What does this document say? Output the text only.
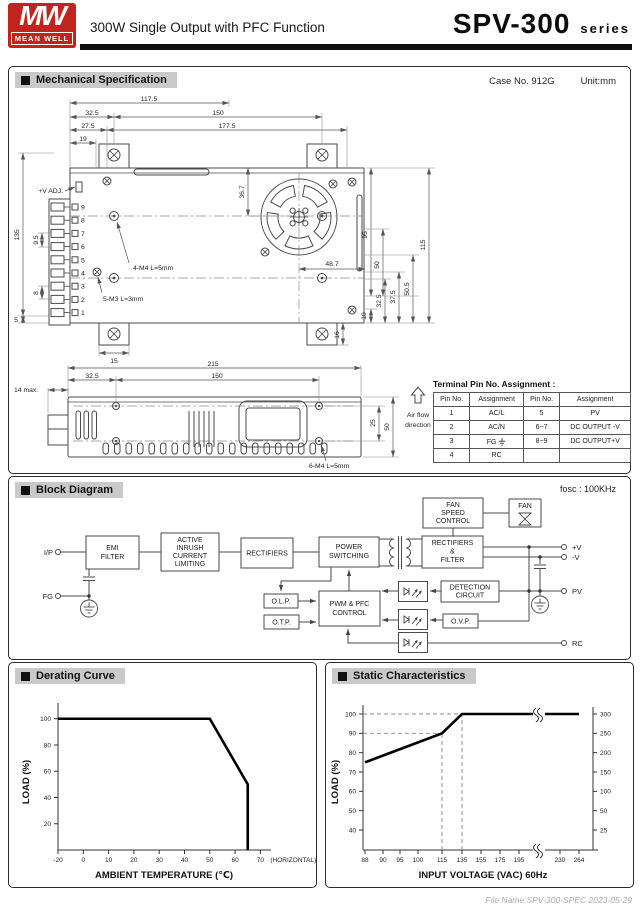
MW
MEAN WELL
300W Single Output with PFC Function	SPV-300 series
Mechanical Specification	Case No. 912G	Unit:mm
9
8
7
6
5
4
3
2
1
+V ADJ.
117.5
32.5	150
27.5	177.5
19
135
5
9.5
8
36.7
48.7
95
50
10
32.5 37.5
50.5
115
16
15
4-M4 L=5mm
5-M3 L=3mm
215
32.5	150
14 max.
25
50
6-M4 L=5mm
Air flow
direction
Terminal Pin No. Assignment :
Pin No.	Assignment	Pin No.	Assignment
1	AC/L	5	PV
2	AC/N	6~7	DC OUTPUT -V
3	FG	8~9	DC OUTPUT+V
4	RC		
Block Diagram	fosc : 100KHz
EMI
FILTER
ACTIVE
INRUSH
CURRENT
LIMITING
RECTIFIERS
POWER
SWITCHING
RECTIFIERS
&
FILTER
FAN
SPEED
CONTROL
FAN
PWM & PFC
CONTROL
O.L.P.
O.T.P.
DETECTION
CIRCUIT
O.V.P.
I/P
FG
+V
-V
PV
RC
Derating Curve
-20	0	10	20	30	40	50	60	70 (HORIZONTAL)
20
40
60
80
100
LOAD (%)
AMBIENT TEMPERATURE (℃)
Static Characteristics
88 90 95 100 115 135 155 175 195	230 264
40	25
50	50
60	100
70	150
80	200
90	250
100	300
LOAD (%)
INPUT VOLTAGE (VAC) 60Hz
File Name:SPV-300-SPEC 2023-05-29
